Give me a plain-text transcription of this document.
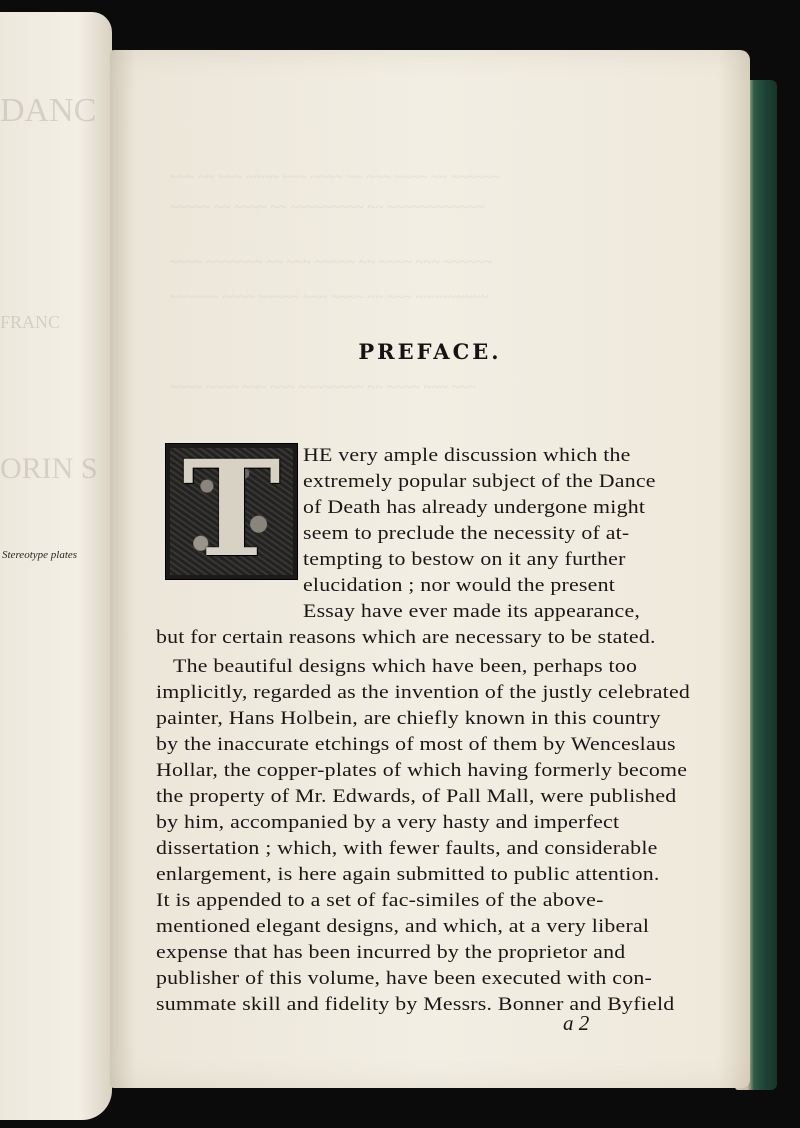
DANC
FRANC
ORIN S
Stereotype plates
~~~ ~~ ~~~ ~~~~ ~~~ ~~~~ ~~ ~~~ ~~~~ ~~ ~~~~~~
~~~~~ ~~ ~~~~ ~~ ~~~~~~~~~ ~~ ~~~~~~~~~~~~
~~~~ ~~~~~~~ ~~ ~~~ ~~~~~ ~~ ~~~~ ~~~ ~~~~~~
~~~~~~ ~~~~ ~~~~~ ~~~ ~~~~ ~~ ~~~ ~~~~~~~~~
~~~~ ~~~~ ~~~ ~~~ ~~~~~~~~ ~~ ~~~~ ~~~ ~~~
PREFACE.
T	HE very ample discussion which the
extremely popular subject of the Dance
of Death has already undergone might
seem to preclude the necessity of at-
tempting to bestow on it any further
elucidation ; nor would the present
Essay have ever made its appearance,
but for certain reasons which are necessary to be stated.
The beautiful designs which have been, perhaps too
implicitly, regarded as the invention of the justly celebrated
painter, Hans Holbein, are chiefly known in this country
by the inaccurate etchings of most of them by Wenceslaus
Hollar, the copper-plates of which having formerly become
the property of Mr. Edwards, of Pall Mall, were published
by him, accompanied by a very hasty and imperfect
dissertation ; which, with fewer faults, and considerable
enlargement, is here again submitted to public attention.
It is appended to a set of fac-similes of the above-
mentioned elegant designs, and which, at a very liberal
expense that has been incurred by the proprietor and
publisher of this volume, have been executed with con-
summate skill and fidelity by Messrs. Bonner and Byfield
a 2
